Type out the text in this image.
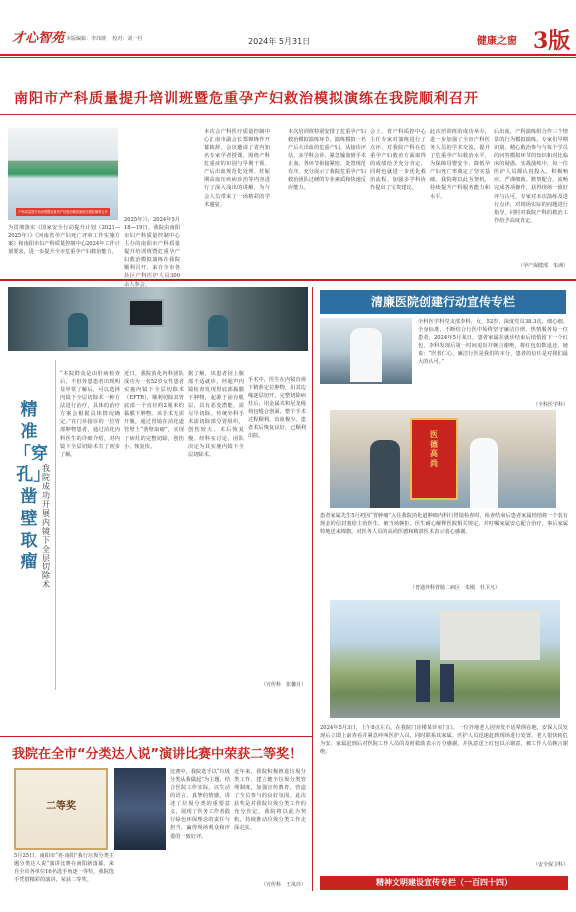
才心智苑 本版编辑：李玮琰    校对：刘一村	2024年 5月31日	健康之窗 3版
南阳市产科质量提升培训班暨危重孕产妇救治模拟演练在我院顺利召开
产科质量提升培训班暨危重孕产妇救治模拟演练在我院顺利召开
为贯彻落实《国家安全行动提升计划（2021—2025年）》《河南省孕产妇死亡评审工作实施方案》和南阳市妇产科质量控制中心2024年工作计划要求，进一步提升全市危重孕产妇救治能力，
2025年）》，2024年5月18—19日，我院由南阳市妇产科质量控制中心主办的南阳市产科质量提升培训班暨危重孕产妇救治模拟演练在我院顺利召开。来自全市各县区产科医护人员300余人参会。
本次会产科医疗质量控制中心汇南市副会长郑锦锋作开幕致辞。会议邀请了省内知名专家学者授课，围绕产科危重症的识别与早期干预、产后出血规范化处理、妊娠期高血压疾病诊治等内容进行了深入浅出的讲解，为与会人员带来了一场精彩的学术盛宴。
本次培训班特别安排了危重孕产妇救治模拟演练环节。演练模拟一名产后大出血的危重产妇，从接诊评估、多学科会诊、紧急输血到手术止血，各环节衔接紧密，处置规范有序，充分展示了我院危重孕产妇救治团队过硬的专业素质和快速反应能力。
会上，省产科质控中心主任专家对演练进行了点评，对我院产科在危重孕产妇救治方面取得的成绩给予充分肯定，同时也就进一步优化救治流程、加强多学科协作提出了宝贵建议。
此次培训班的成功举办，进一步加强了全市产科医务人员的学术交流，提升了危重孕产妇救治水平，为保障母婴安全、降低孕产妇死亡率奠定了坚实基础。我院将以此为契机，持续提升产科服务能力和水平。
后出血，产科演练组合作三个情景的行为模拟演练。专家们早期识别，精心救治参与与每个学员的问答模拟环节的知识和对比临床的疑惑。实战演练中，每一位医护人员都认真投入，积极响应，严谨细致、默契配合，流畅完成各项操作，获得现场一致好评与认可。专家对本次演练及进行点评，对现场实际的问题进行指导，同时对我院产科的救治工作给予高度肯定。
（孕产保健部　朱洲）
精准「穿孔」凿壁取瘤
我院成功开展内镜下全层切除术
“本院群众是由肝病检查后，不但外患患者出现明显异常了解后，可以选择内镜下全层切除术一种方法进行治疗，具体的治疗方案会根据具体情况确定。”在门诊接诊的一位胃部肿物患者，通过消化内科医生的详细介绍，对内镜下全层切除术有了初步了解。
近日，我院消化内科团队成功为一名52岁女性患者实施内镜下全层切除术（EFTR），顺利切除其胃底部一个直径约2厘米的黏膜下肿物。该手术无需开腹，通过胃镜在消化道管壁上“凿壁取瘤”，实现了病灶的完整切除，创伤小、恢复快。
据了解，该患者因上腹部不适就诊，经超声内镜检查发现胃底部黏膜下肿物，起源于固有肌层，具有恶变潜能，需尽早切除。传统外科手术需切除部分胃组织，创伤较大，术后恢复慢。经科室讨论，团队决定为其实施内镜下全层切除术。
手术中，医生在内镜直视下精准定位肿物，沿其边缘逐层切开，完整切除病灶后，用金属夹和尼龙绳荷包缝合创面，整个手术过程顺利，出血极少。患者术后恢复良好，已顺利出院。
（宣传科　张馨月）
清廉医院创建行动宣传专栏
全科医学科党支部李科，女，52岁，深度党员38.3次，细心细，全身标准，不断结合行医中始终坚守廉洁自律，热情服务每一位患者，2024年5月某日，患者家属在就诊结束后悄悄留下一个红包，李科发现后第一时间追出并婉言谢绝，将红包如数退还。她说：“医者仁心，廉洁行医是我们的本分，患者的信任是对我们最大的认可。”
（全科医学科）
医
德
高
尚
患者家属先生5月初因“胃肿瘤”入住我院消化道肿瘤内科行胃镜检查时，检查结束后患者家属悄悄将一个装有现金的信封塞给主治医生，被当场婉拒。医生耐心解释医院相关规定，并叮嘱家属安心配合治疗。事后家属特地送来锦旗，对医务人员的高尚医德和精湛医术表示衷心感谢。
（普通外科胃肠二病区　朱刚　杜卫凡）
2024年5月3日，上午8点左右，在我院门诊楼某诊室门口，一位外地老人因突发不适晕倒在地，安保人员发现后立即上前查看并紧急呼叫医护人员，同时联系其家属。医护人员迅速赶到现场进行处置，老人很快转危为安。家属赶到后对医院工作人员的及时救助表示万分感谢，并执意送上红包以示谢意，被工作人员婉言谢绝。
（安全保卫科）
精神文明建设宣传专栏（一百四十四）
我院在全市“分类达人说”演讲比赛中荣获二等奖！
二等奖
5月25日，南阳市“喜·南阳”我行垃圾分类主题分类达人说”演讲比赛在南阳新落幕。来自全市各单位16名选手角逐一等奖，我院选手凭借精彩的演讲，荣获二等奖。
比赛中，我院选手以“垃圾分类从我做起”为主题，结合医院工作实际，以生动的语言、真挚的情感，讲述了垃圾分类的重要意义，展现了医务工作者践行绿色环保理念的责任与担当，赢得现场观众和评委的一致好评。
近年来，我院积极推进垃圾分类工作，建立健全垃圾分类管理制度，加强宣传教育，营造了全员参与的良好氛围。此次获奖是对我院垃圾分类工作的充分肯定，我院将以此为契机，持续推动垃圾分类工作走深走实。
（宣传科　王凤玲）
